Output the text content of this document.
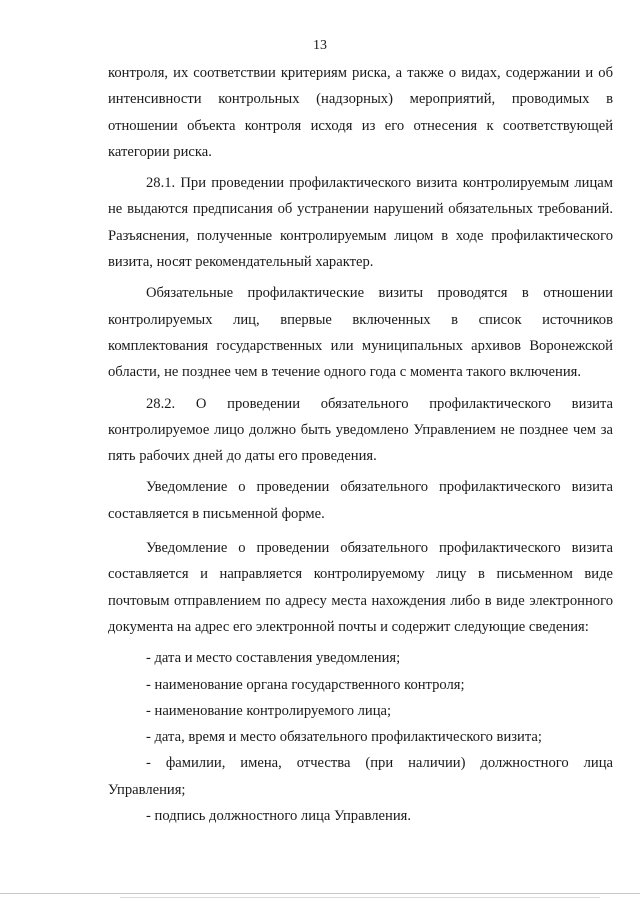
13

контроля, их соответствии критериям риска, а также о видах, содержании и об интенсивности контрольных (надзорных) мероприятий, проводимых в отношении объекта контроля исходя из его отнесения к соответствующей категории риска.

28.1. При проведении профилактического визита контролируемым лицам не выдаются предписания об устранении нарушений обязательных требований. Разъяснения, полученные контролируемым лицом в ходе профилактического визита, носят рекомендательный характер.

Обязательные профилактические визиты проводятся в отношении контролируемых лиц, впервые включенных в список источников комплектования государственных или муниципальных архивов Воронежской области, не позднее чем в течение одного года с момента такого включения.

28.2. О проведении обязательного профилактического визита контролируемое лицо должно быть уведомлено Управлением не позднее чем за пять рабочих дней до даты его проведения.

Уведомление о проведении обязательного профилактического визита составляется в письменной форме.

Уведомление о проведении обязательного профилактического визита составляется и направляется контролируемому лицу в письменном виде почтовым отправлением по адресу места нахождения либо в виде электронного документа на адрес его электронной почты и содержит следующие сведения:

- дата и место составления уведомления;

- наименование органа государственного контроля;

- наименование контролируемого лица;

- дата, время и место обязательного профилактического визита;

- фамилии, имена, отчества (при наличии) должностного лица Управления;

- подпись должностного лица Управления.
